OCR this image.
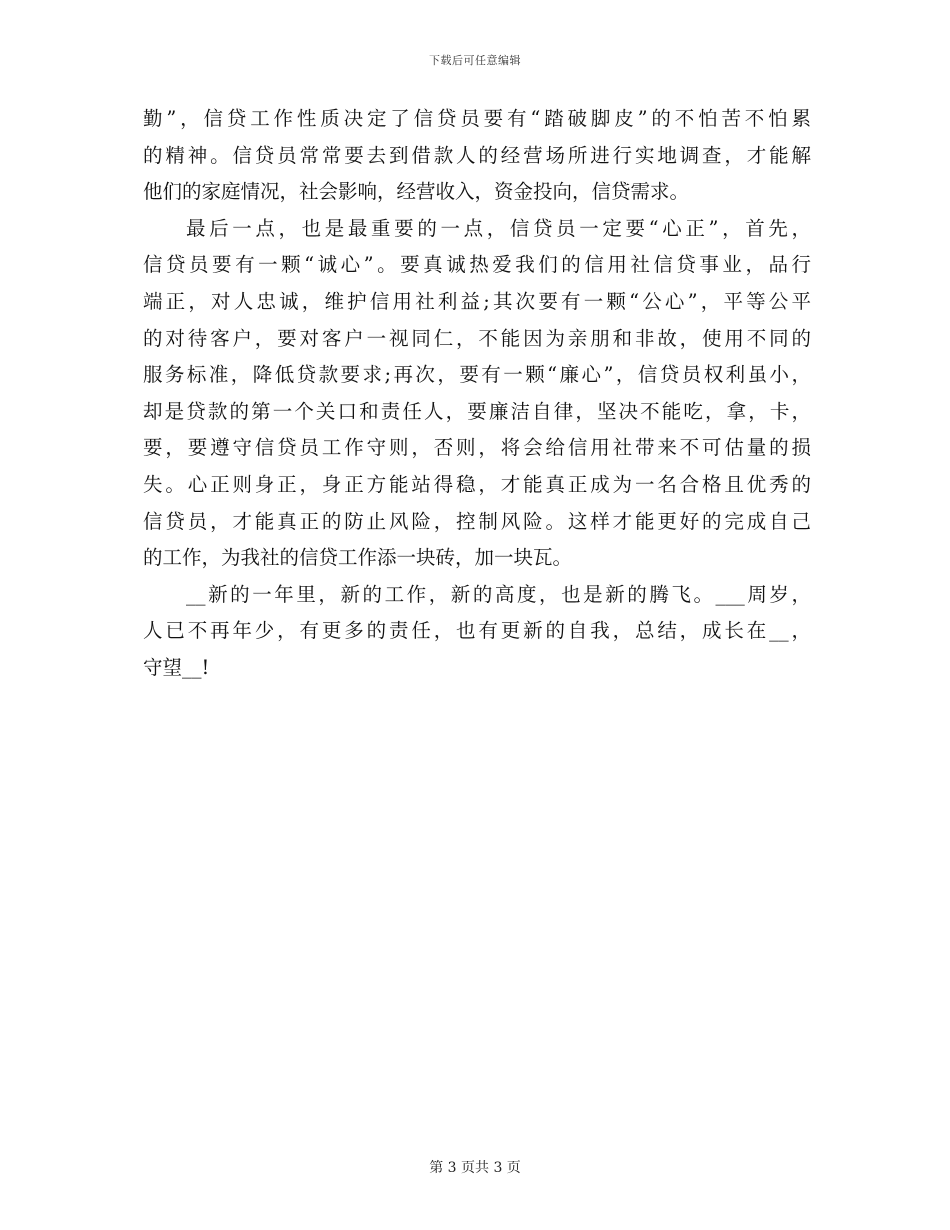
下载后可任意编辑
勤”，信贷工作性质决定了信贷员要有“踏破脚皮”的不怕苦不怕累
的精神。信贷员常常要去到借款人的经营场所进行实地调查，才能解
他们的家庭情况，社会影响，经营收入，资金投向，信贷需求。
最后一点，也是最重要的一点，信贷员一定要“心正”，首先，
信贷员要有一颗“诚心”。要真诚热爱我们的信用社信贷事业，品行
端正，对人忠诚，维护信用社利益;其次要有一颗“公心”，平等公平
的对待客户，要对客户一视同仁，不能因为亲朋和非故，使用不同的
服务标准，降低贷款要求;再次，要有一颗“廉心”，信贷员权利虽小，
却是贷款的第一个关口和责任人，要廉洁自律，坚决不能吃，拿，卡，
要，要遵守信贷员工作守则，否则，将会给信用社带来不可估量的损
失。心正则身正，身正方能站得稳，才能真正成为一名合格且优秀的
信贷员，才能真正的防止风险，控制风险。这样才能更好的完成自己
的工作，为我社的信贷工作添一块砖，加一块瓦。
__新的一年里，新的工作，新的高度，也是新的腾飞。___周岁，
人已不再年少，有更多的责任，也有更新的自我，总结，成长在__，
守望__!
第 3 页共 3 页
